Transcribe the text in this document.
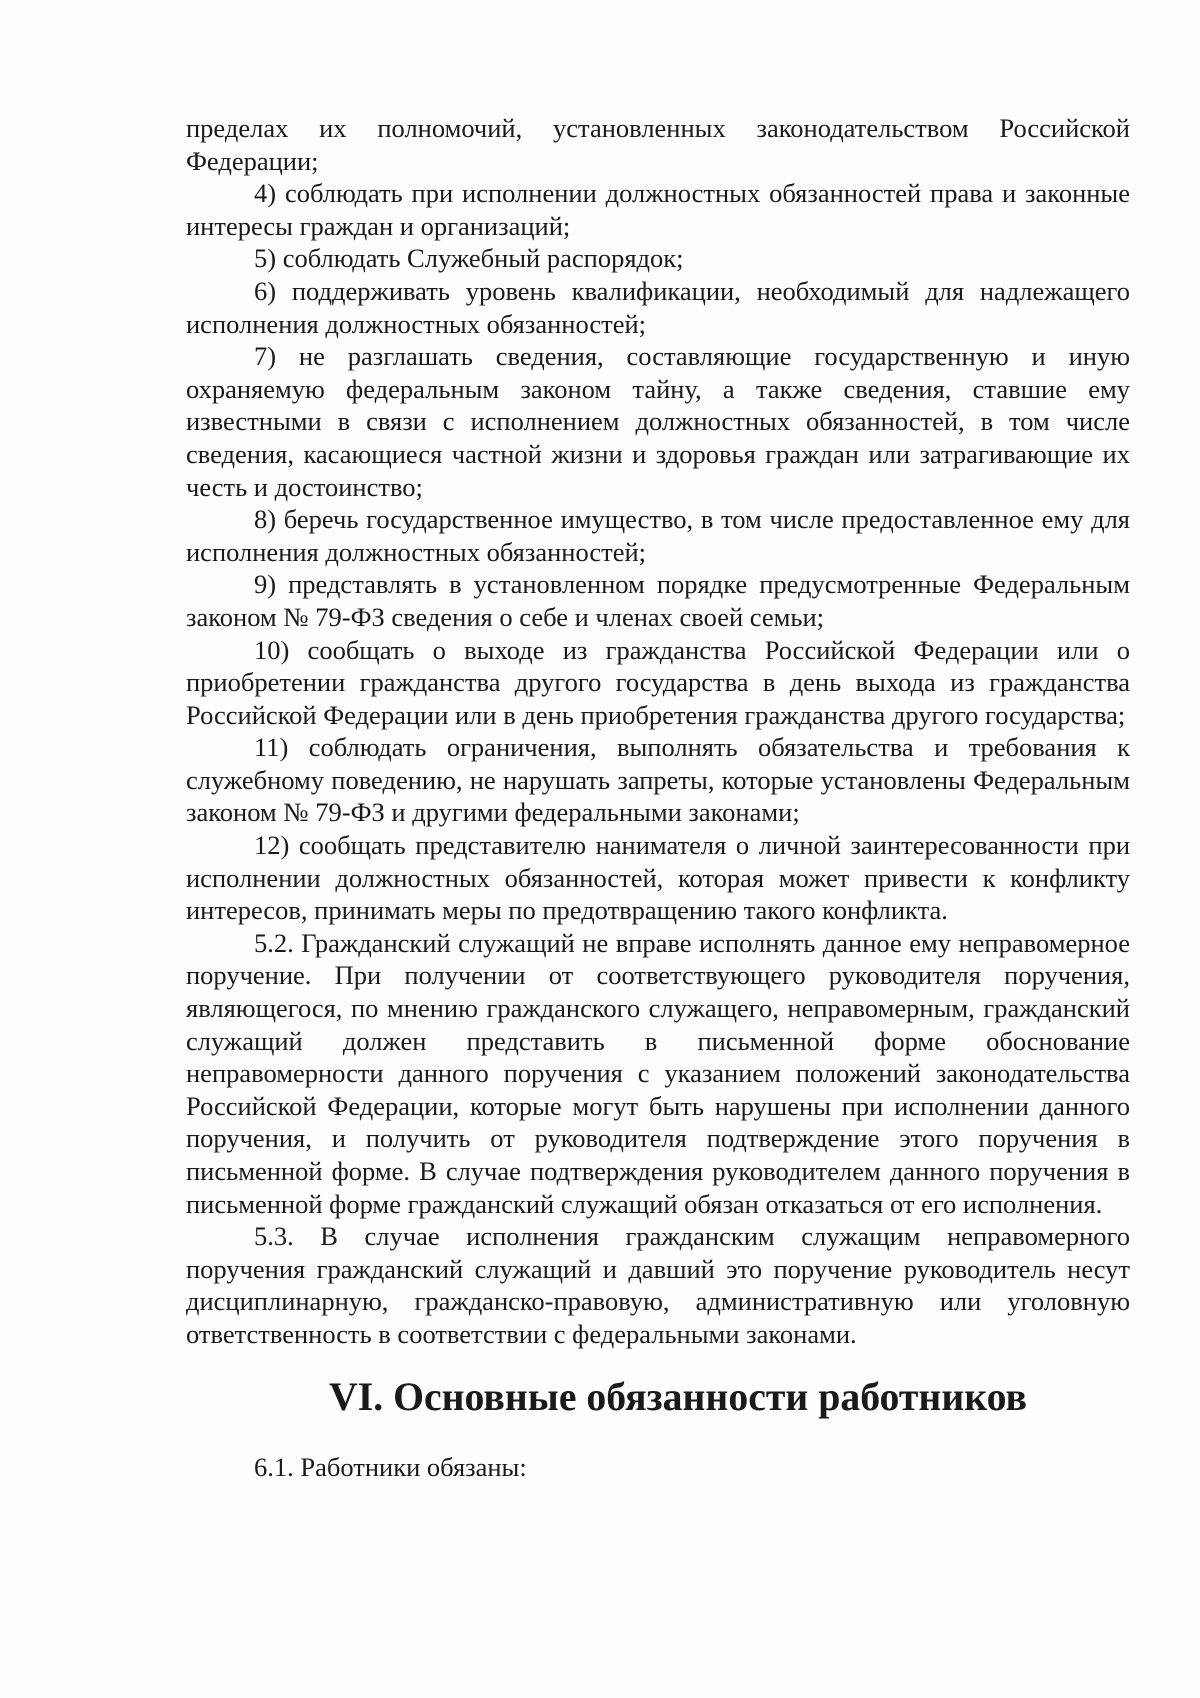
пределах их полномочий, установленных законодательством Российской Федерации;

4) соблюдать при исполнении должностных обязанностей права и законные интересы граждан и организаций;

5) соблюдать Служебный распорядок;

6) поддерживать уровень квалификации, необходимый для надлежащего исполнения должностных обязанностей;

7) не разглашать сведения, составляющие государственную и иную охраняемую федеральным законом тайну, а также сведения, ставшие ему известными в связи с исполнением должностных обязанностей, в том числе сведения, касающиеся частной жизни и здоровья граждан или затрагивающие их честь и достоинство;

8) беречь государственное имущество, в том числе предоставленное ему для исполнения должностных обязанностей;

9) представлять в установленном порядке предусмотренные Федеральным законом № 79-ФЗ сведения о себе и членах своей семьи;

10) сообщать о выходе из гражданства Российской Федерации или о приобретении гражданства другого государства в день выхода из гражданства Российской Федерации или в день приобретения гражданства другого государства;

11) соблюдать ограничения, выполнять обязательства и требования к служебному поведению, не нарушать запреты, которые установлены Федеральным законом № 79-ФЗ и другими федеральными законами;

12) сообщать представителю нанимателя о личной заинтересованности при исполнении должностных обязанностей, которая может привести к конфликту интересов, принимать меры по предотвращению такого конфликта.

5.2. Гражданский служащий не вправе исполнять данное ему неправомерное поручение. При получении от соответствующего руководителя поручения, являющегося, по мнению гражданского служащего, неправомерным, гражданский служащий должен представить в письменной форме обоснование неправомерности данного поручения с указанием положений законодательства Российской Федерации, которые могут быть нарушены при исполнении данного поручения, и получить от руководителя подтверждение этого поручения в письменной форме. В случае подтверждения руководителем данного поручения в письменной форме гражданский служащий обязан отказаться от его исполнения.

5.3. В случае исполнения гражданским служащим неправомерного поручения гражданский служащий и давший это поручение руководитель несут дисциплинарную, гражданско-правовую, административную или уголовную ответственность в соответствии с федеральными законами.

VI. Основные обязанности работников

6.1. Работники обязаны:
